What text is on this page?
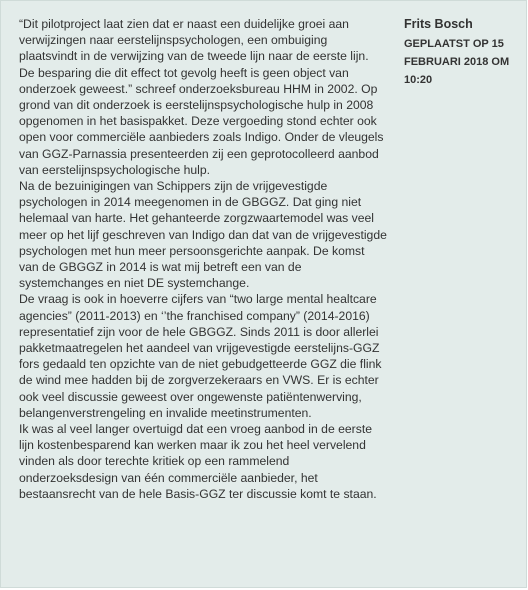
“Dit pilotproject laat zien dat er naast een duidelijke groei aan verwijzingen naar eerstelijnspsychologen, een ombuiging plaatsvindt in de verwijzing van de tweede lijn naar de eerste lijn. De besparing die dit effect tot gevolg heeft is geen object van onderzoek geweest.” schreef onderzoeksbureau HHM in 2002. Op grond van dit onderzoek is eerstelijnspsychologische hulp in 2008 opgenomen in het basispakket. Deze vergoeding stond echter ook open voor commerciële aanbieders zoals Indigo. Onder de vleugels van GGZ-Parnassia presenteerden zij een geprotocolleerd aanbod van eerstelijnspsychologische hulp.

Na de bezuinigingen van Schippers zijn de vrijgevestigde psychologen in 2014 meegenomen in de GBGGZ. Dat ging niet helemaal van harte. Het gehanteerde zorgzwaartemodel was veel meer op het lijf geschreven van Indigo dan dat van de vrijgevestigde psychologen met hun meer persoonsgerichte aanpak. De komst van de GBGGZ in 2014 is wat mij betreft een van de systemchanges en niet DE systemchange.

De vraag is ook in hoeverre cijfers van “two large mental healtcare agencies” (2011-2013) en ‘’the franchised company” (2014-2016) representatief zijn voor de hele GBGGZ. Sinds 2011 is door allerlei pakketmaatregelen het aandeel van vrijgevestigde eerstelijns-GGZ fors gedaald ten opzichte van de niet gebudgetteerde GGZ die flink de wind mee hadden bij de zorgverzekeraars en VWS. Er is echter ook veel discussie geweest over ongewenste patiëntenwerving, belangenverstrengeling en invalide meetinstrumenten.

Ik was al veel langer overtuigd dat een vroeg aanbod in de eerste lijn kostenbesparend kan werken maar ik zou het heel vervelend vinden als door terechte kritiek op een rammelend onderzoeksdesign van één commerciële aanbieder, het bestaansrecht van de hele Basis-GGZ ter discussie komt te staan.

Frits Bosch
GEPLAATST OP 15 FEBRUARI 2018 OM 10:20
